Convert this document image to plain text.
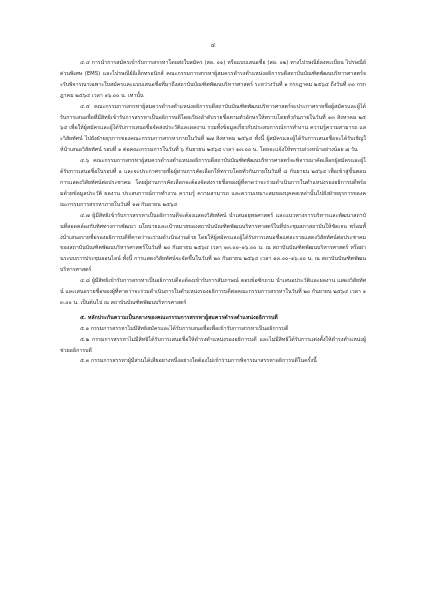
๔

๔.๔ การนำการสมัครเข้ารับการสรรหาโดยส่งใบสมัคร (สอ. ๐๑) หรือแบบเสนอชื่อ (สอ. ๐๒) ทางไปรษณีย์ลงทะเบียน ไปรษณีย์ด่วนพิเศษ (EMS) และไปรษณีย์อิเล็กทรอนิกส์ คณะกรรมการสรรหาผู้สมควรดำรงตำแหน่งอธิการบดีสถาบันบัณฑิตพัฒนบริหารศาสตร์จะรับพิจารณาเฉพาะใบสมัครและแบบเสนอชื่อที่มาถึงสถาบันบัณฑิตพัฒนบริหารศาสตร์ ระหว่างวันที่ ๑ กรกฎาคม ๒๕๖๔ ถึงวันที่ ๓๐ กรกฎาคม ๒๕๖๔ เวลา ๑๖.๐๐ น. เท่านั้น

๔.๕ คณะกรรมการสรรหาผู้สมควรดำรงตำแหน่งอธิการบดีสถาบันบัณฑิตพัฒนบริหารศาสตร์จะประกาศรายชื่อผู้สมัครและผู้ได้รับการเสนอชื่อที่มีสิทธิเข้ารับการสรรหาเป็นอธิการบดีโดยเรียงลำดับรายชื่อตามตัวอักษรให้ทราบโดยทั่วกันภายในวันที่ ๑๓ สิงหาคม ๒๕๖๔ เพื่อให้ผู้สมัครและผู้ได้รับการเสนอชื่อจัดส่งประวัติและผลงาน รวมทั้งข้อมูลเกี่ยวกับประสบการณ์การทำงาน ความรู้ความสามารถ และวิสัยทัศน์ ไปยังฝ่ายธุรการของคณะกรรมการสรรหาภายในวันที่ ๒๗ สิงหาคม ๒๕๖๔ ทั้งนี้ ผู้สมัครและผู้ได้รับการเสนอชื่อจะได้รับเชิญให้นำเสนอวิสัยทัศน์ รอบที่ ๑ ต่อคณะกรรมการในวันที่ ๖ กันยายน ๒๕๖๔ เวลา ๑๓.๐๐ น. โดยจะแจ้งให้ทราบล่วงหน้าอย่างน้อย ๗ วัน

๔.๖ คณะกรรมการสรรหาผู้สมควรดำรงตำแหน่งอธิการบดีสถาบันบัณฑิตพัฒนบริหารศาสตร์จะพิจารณาคัดเลือกผู้สมัครและผู้ได้รับการเสนอชื่อในรอบที่ ๑ และจะประกาศรายชื่อผู้ผ่านการคัดเลือกให้ทราบโดยทั่วกันภายในวันที่ ๘ กันยายน ๒๕๖๔ เพื่อเข้าสู่ขั้นตอนการแสดงวิสัยทัศน์ต่อประชาคม โดยผู้ผ่านการคัดเลือกจะต้องจัดส่งรายชื่อของผู้ที่คาดว่าจะร่วมดำเนินการในตำแหน่งรองอธิการบดีพร้อมด้วยข้อมูลประวัติ ผลงาน ประสบการณ์การทำงาน ความรู้ ความสามารถ และความเหมาะสมของบุคคลเหล่านั้นไปยังฝ่ายธุรการของคณะกรรมการสรรหาภายในวันที่ ๑๗ กันยายน ๒๕๖๔

๔.๗ ผู้มีสิทธิเข้ารับการสรรหาเป็นอธิการบดีจะต้องแสดงวิสัยทัศน์ นำเสนอยุทธศาสตร์ และแนวทางการบริหารและพัฒนาสถาบันที่สอดคล้องกับทิศทางการพัฒนา นโยบายและเป้าหมายของสถาบันบัณฑิตพัฒนบริหารศาสตร์ในที่ประชุมสภาสถาบันให้ชัดเจน พร้อมทั้งนำเสนอรายชื่อรองอธิการบดีที่คาดว่าจะร่วมดำเนินงานด้วย โดยให้ผู้สมัครและผู้ได้รับการเสนอชื่อแต่ละรายแสดงวิสัยทัศน์ต่อประชาคมของสถาบันบัณฑิตพัฒนบริหารศาสตร์ในวันที่ ๒๐ กันยายน ๒๕๖๔ เวลา ๑๓.๐๐–๑๖.๐๐ น. ณ สถาบันบัณฑิตพัฒนบริหารศาสตร์ หรือผ่านระบบการประชุมออนไลน์ ทั้งนี้ การแสดงวิสัยทัศน์จะจัดขึ้นในวันที่ ๒๐ กันยายน ๒๕๖๔ เวลา ๑๓.๐๐–๑๖.๐๐ น. ณ สถาบันบัณฑิตพัฒนบริหารศาสตร์

๔.๘ ผู้มีสิทธิเข้ารับการสรรหาเป็นอธิการบดีจะต้องเข้ารับการสัมภาษณ์ ตอบข้อซักถาม นำเสนอประวัติและผลงาน แสดงวิสัยทัศน์ และเสนอรายชื่อของผู้ที่คาดว่าจะร่วมดำเนินการในตำแหน่งรองอธิการบดีต่อคณะกรรมการสรรหาในวันที่ ๒๐ กันยายน ๒๕๖๔ เวลา ๑๓.๐๐ น. เป็นต้นไป ณ สถาบันบัณฑิตพัฒนบริหารศาสตร์

๕. หลักประกันความเป็นกลางของคณะกรรมการสรรหาผู้สมควรดำรงตำแหน่งอธิการบดี

๕.๑ กรรมการสรรหาไม่มีสิทธิสมัครและได้รับการเสนอชื่อเพื่อเข้ารับการสรรหาเป็นอธิการบดี

๕.๒ กรรมการสรรหาไม่มีสิทธิได้รับการเสนอชื่อให้ดำรงตำแหน่งรองอธิการบดี และไม่มีสิทธิได้รับการแต่งตั้งให้ดำรงตำแหน่งผู้ช่วยอธิการบดี

๕.๓ กรรมการสรรหาผู้มีส่วนได้เสียอย่างหนึ่งอย่างใดต้องไม่เข้าร่วมการพิจารณาสรรหาอธิการบดีในครั้งนี้
